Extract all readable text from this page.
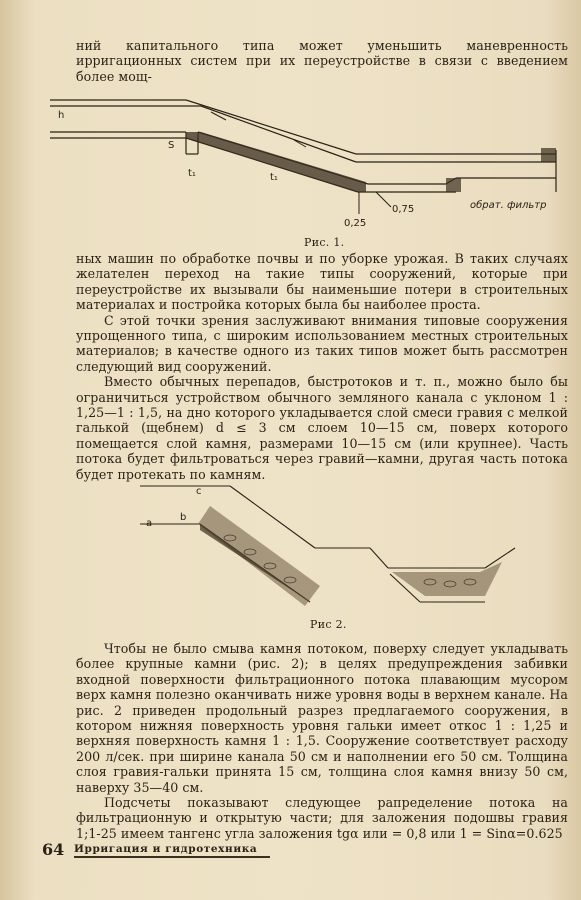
ний капитального типа может уменьшить маневренность ирригационных систем при их переустройстве в связи с введением более мощ-

h
S
t₁	t₁
0,25
0,75	обрат. фильтр
Рис. 1.

ных машин по обработке почвы и по уборке урожая. В таких случаях желателен переход на такие типы сооружений, которые при переустройстве их вызывали бы наименьшие потери в строительных материалах и постройка которых была бы наиболее проста.

С этой точки зрения заслуживают внимания типовые сооружения упрощенного типа, с широким использованием местных строительных материалов; в качестве одного из таких типов может быть рассмотрен следующий вид сооружений.

Вместо обычных перепадов, быстротоков и т. п., можно было бы ограничиться устройством обычного земляного канала с уклоном 1 : 1,25—1 : 1,5, на дно которого укладывается слой смеси гравия с мелкой галькой (щебнем) d ≤ 3 см слоем 10—15 см, поверх которого помещается слой камня, размерами 10—15 см (или крупнее). Часть потока будет фильтроваться через гравий—камни, другая часть потока будет протекать по камням.

c
b
a
Рис 2.

Чтобы не было смыва камня потоком, поверху следует укладывать более крупные камни (рис. 2); в целях предупреждения забивки входной поверхности фильтрационного потока плавающим мусором верх камня полезно оканчивать ниже уровня воды в верхнем канале. На рис. 2 приведен продольный разрез предлагаемого сооружения, в котором нижняя поверхность уровня гальки имеет откос 1 : 1,25 и верхняя поверхность камня 1 : 1,5. Сооружение соответствует расходу 200 л/сек. при ширине канала 50 см и наполнении его 50 см. Толщина слоя гравия-гальки принята 15 см, толщина слоя камня внизу 50 см, наверху 35—40 см.

Подсчеты показывают следующее рапределение потока на фильтрационную и открытую части; для заложения подошвы гравия 1;1-25 имеем тангенс угла заложения tgα или = 0,8 или 1 = Sinα=0.625

64 Ирригация и гидротехника
